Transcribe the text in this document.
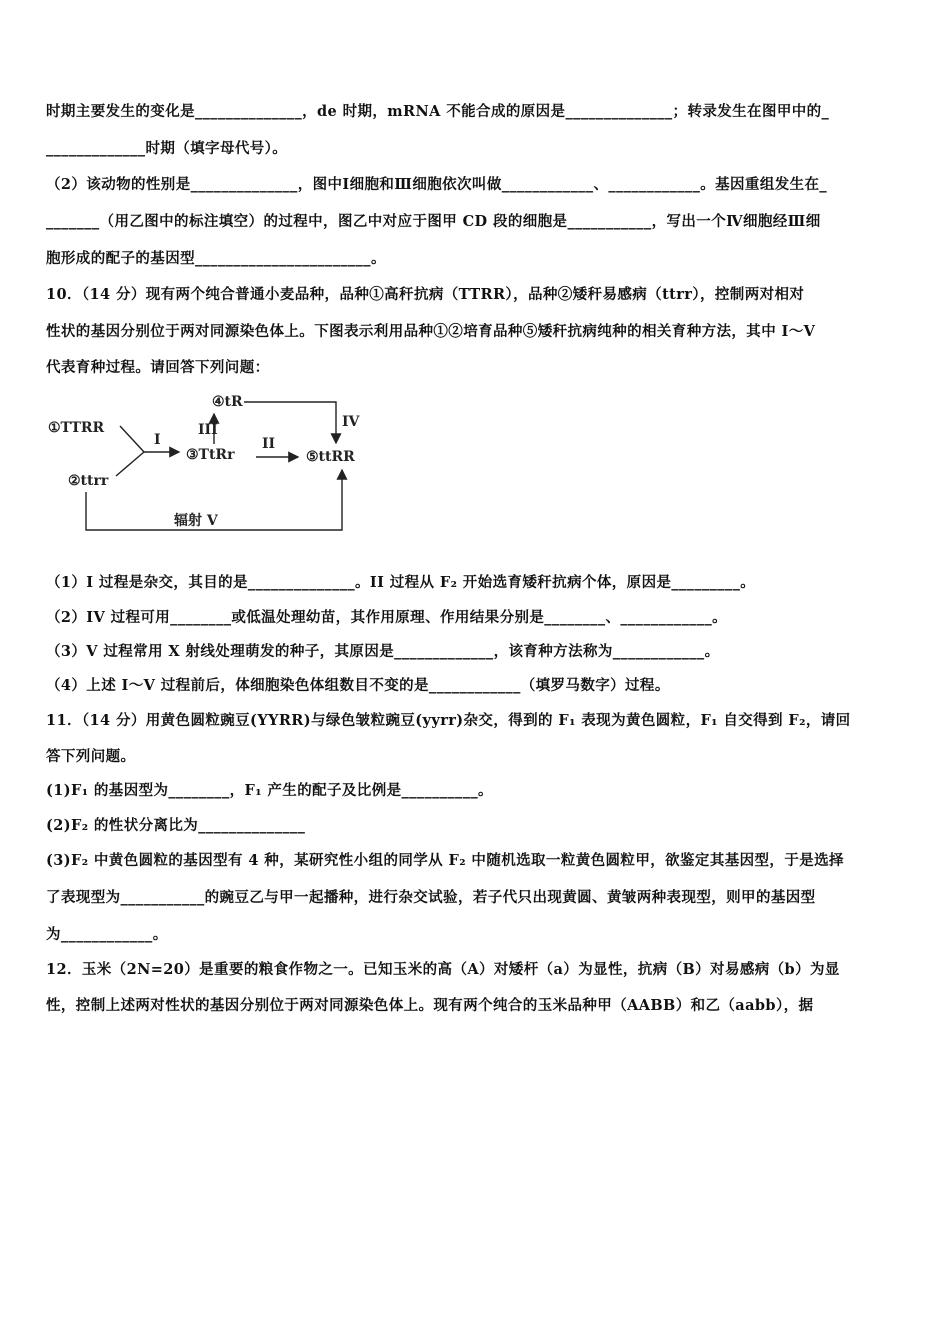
时期主要发生的变化是______________，de 时期，mRNA 不能合成的原因是______________；转录发生在图甲中的_
_____________时期（填字母代号）。
（2）该动物的性别是______________，图中Ⅰ细胞和Ⅲ细胞依次叫做____________、____________。基因重组发生在_
_______（用乙图中的标注填空）的过程中，图乙中对应于图甲 CD 段的细胞是___________，写出一个Ⅳ细胞经Ⅲ细
胞形成的配子的基因型_______________________。
10．（14 分）现有两个纯合普通小麦品种，品种①高秆抗病（TTRR），品种②矮秆易感病（ttrr），控制两对相对
性状的基因分别位于两对同源染色体上。下图表示利用品种①②培育品种⑤矮秆抗病纯种的相关育种方法，其中 I～V
代表育种过程。请回答下列问题：
①TTRR
②ttrr
③TtRr
④tR
⑤ttRR
I	II
III	IV
辐射 V
（1）I 过程是杂交，其目的是______________。II 过程从 F₂ 开始选育矮秆抗病个体，原因是_________。
（2）IV 过程可用________或低温处理幼苗，其作用原理、作用结果分别是________、____________。
（3）V 过程常用 X 射线处理萌发的种子，其原因是_____________，该育种方法称为____________。
（4）上述 I～V 过程前后，体细胞染色体组数目不变的是____________（填罗马数字）过程。
11．（14 分）用黄色圆粒豌豆(YYRR)与绿色皱粒豌豆(yyrr)杂交，得到的 F₁ 表现为黄色圆粒，F₁ 自交得到 F₂，请回
答下列问题。
(1)F₁ 的基因型为________，F₁ 产生的配子及比例是__________。
(2)F₂ 的性状分离比为______________
(3)F₂ 中黄色圆粒的基因型有 4 种，某研究性小组的同学从 F₂ 中随机选取一粒黄色圆粒甲，欲鉴定其基因型，于是选择
了表现型为___________的豌豆乙与甲一起播种，进行杂交试验，若子代只出现黄圆、黄皱两种表现型，则甲的基因型
为____________。
12．玉米（2N=20）是重要的粮食作物之一。已知玉米的高（A）对矮杆（a）为显性，抗病（B）对易感病（b）为显
性，控制上述两对性状的基因分别位于两对同源染色体上。现有两个纯合的玉米品种甲（AABB）和乙（aabb），据
